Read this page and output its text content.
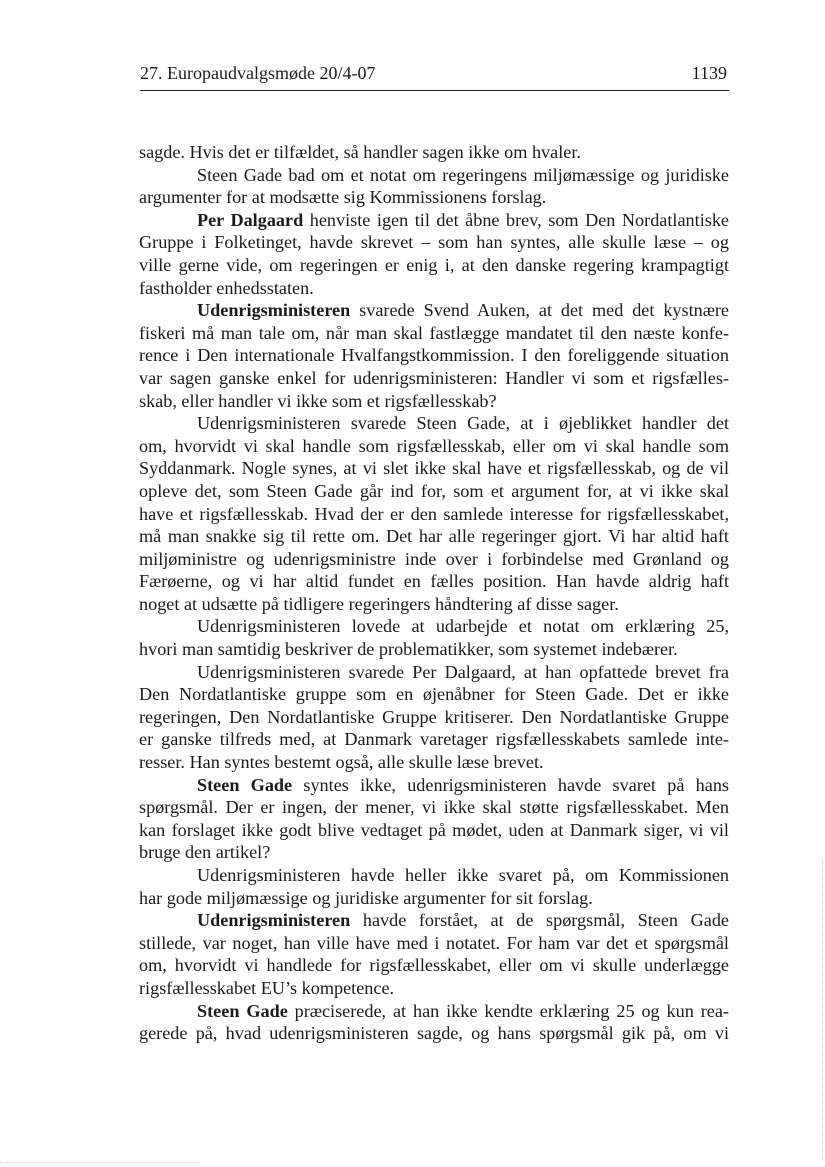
27. Europaudvalgsmøde 20/4-07	1139
sagde. Hvis det er tilfældet, så handler sagen ikke om hvaler.
Steen Gade bad om et notat om regeringens miljømæssige og juridiske
argumenter for at modsætte sig Kommissionens forslag.
Per Dalgaard henviste igen til det åbne brev, som Den Nordatlantiske
Gruppe i Folketinget, havde skrevet – som han syntes, alle skulle læse – og
ville gerne vide, om regeringen er enig i, at den danske regering krampagtigt
fastholder enhedsstaten.
Udenrigsministeren svarede Svend Auken, at det med det kystnære
fiskeri må man tale om, når man skal fastlægge mandatet til den næste konfe-
rence i Den internationale Hvalfangstkommission. I den foreliggende situation
var sagen ganske enkel for udenrigsministeren: Handler vi som et rigsfælles-
skab, eller handler vi ikke som et rigsfællesskab?
Udenrigsministeren svarede Steen Gade, at i øjeblikket handler det
om, hvorvidt vi skal handle som rigsfællesskab, eller om vi skal handle som
Syddanmark. Nogle synes, at vi slet ikke skal have et rigsfællesskab, og de vil
opleve det, som Steen Gade går ind for, som et argument for, at vi ikke skal
have et rigsfællesskab. Hvad der er den samlede interesse for rigsfællesskabet,
må man snakke sig til rette om. Det har alle regeringer gjort. Vi har altid haft
miljøministre og udenrigsministre inde over i forbindelse med Grønland og
Færøerne, og vi har altid fundet en fælles position. Han havde aldrig haft
noget at udsætte på tidligere regeringers håndtering af disse sager.
Udenrigsministeren lovede at udarbejde et notat om erklæring 25,
hvori man samtidig beskriver de problematikker, som systemet indebærer.
Udenrigsministeren svarede Per Dalgaard, at han opfattede brevet fra
Den Nordatlantiske gruppe som en øjenåbner for Steen Gade. Det er ikke
regeringen, Den Nordatlantiske Gruppe kritiserer. Den Nordatlantiske Gruppe
er ganske tilfreds med, at Danmark varetager rigsfællesskabets samlede inte-
resser. Han syntes bestemt også, alle skulle læse brevet.
Steen Gade syntes ikke, udenrigsministeren havde svaret på hans
spørgsmål. Der er ingen, der mener, vi ikke skal støtte rigsfællesskabet. Men
kan forslaget ikke godt blive vedtaget på mødet, uden at Danmark siger, vi vil
bruge den artikel?
Udenrigsministeren havde heller ikke svaret på, om Kommissionen
har gode miljømæssige og juridiske argumenter for sit forslag.
Udenrigsministeren havde forstået, at de spørgsmål, Steen Gade
stillede, var noget, han ville have med i notatet. For ham var det et spørgsmål
om, hvorvidt vi handlede for rigsfællesskabet, eller om vi skulle underlægge
rigsfællesskabet EU’s kompetence.
Steen Gade præciserede, at han ikke kendte erklæring 25 og kun rea-
gerede på, hvad udenrigsministeren sagde, og hans spørgsmål gik på, om vi
